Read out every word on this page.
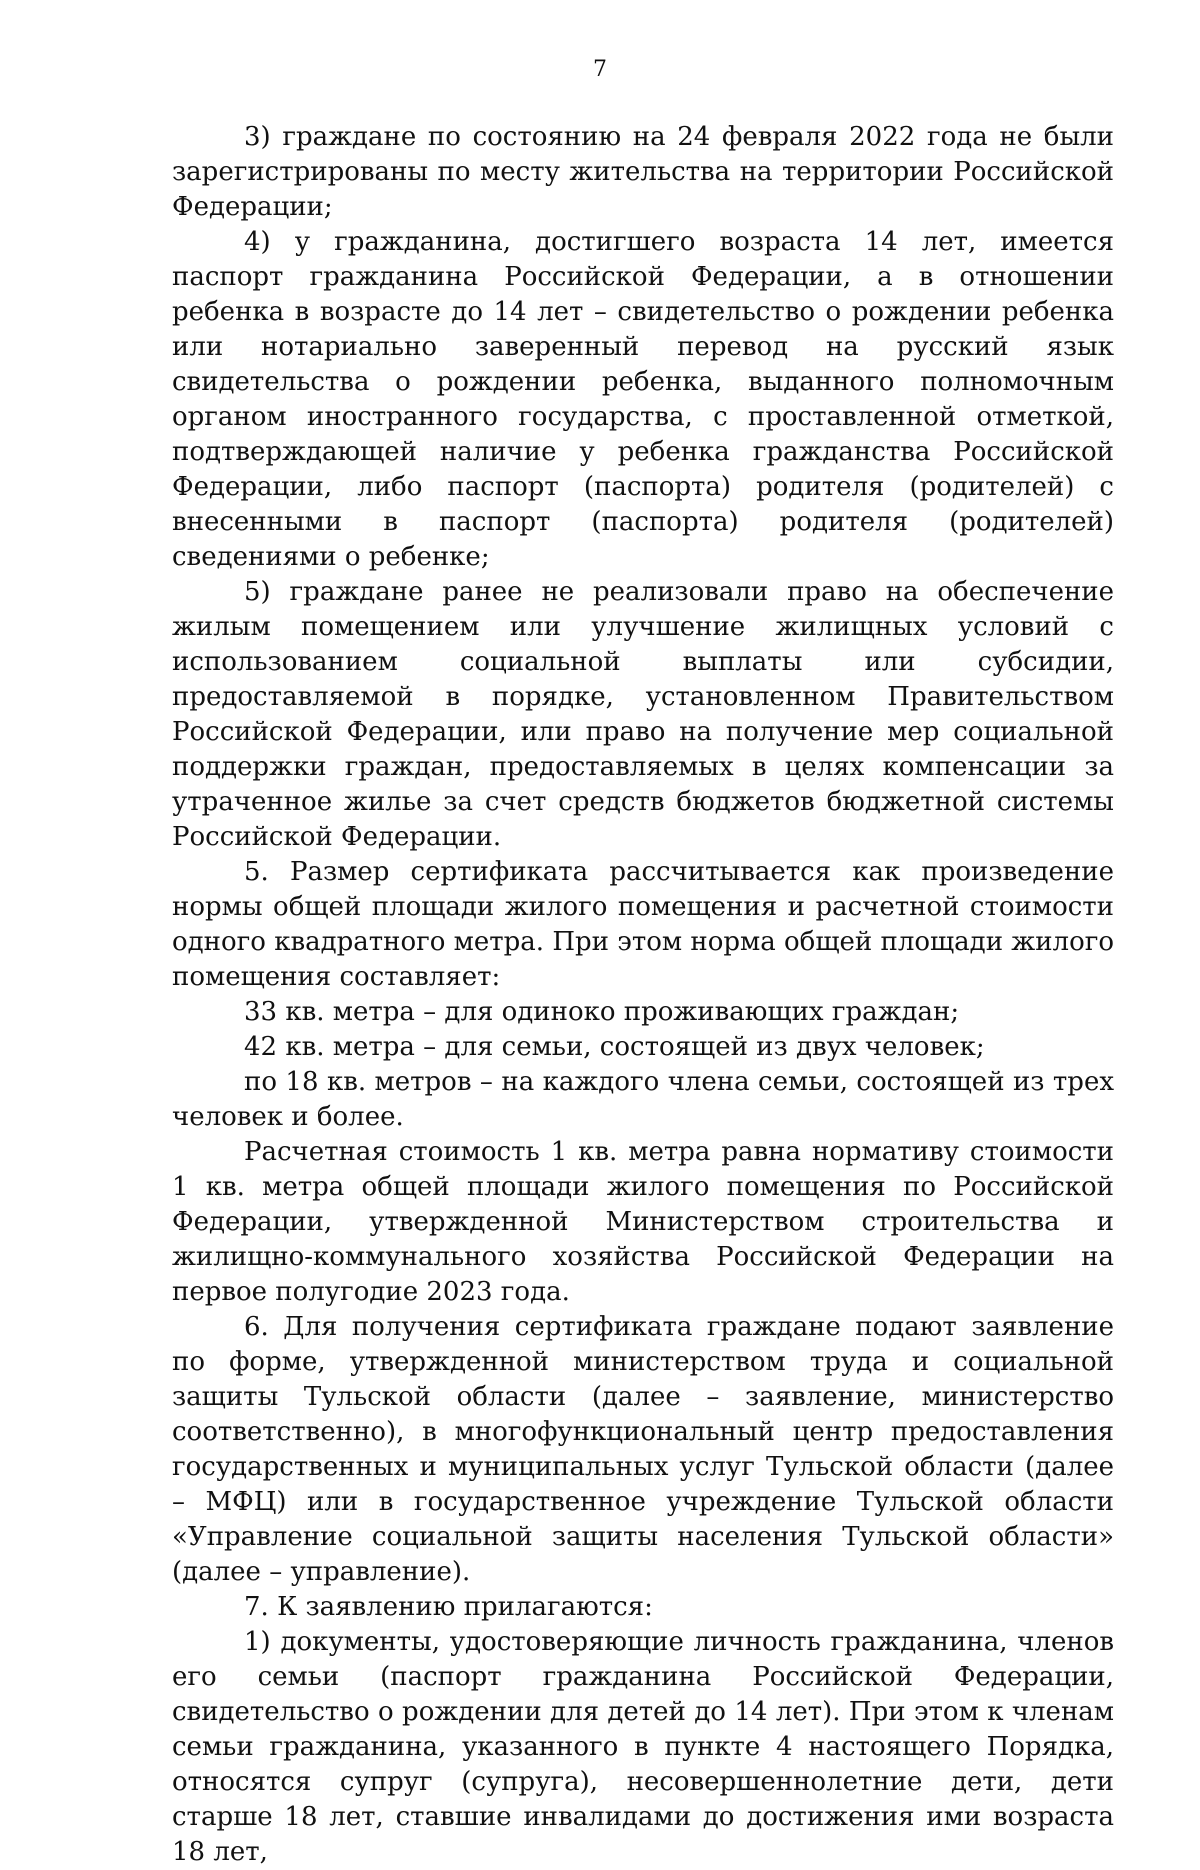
7

3) граждане по состоянию на 24 февраля 2022 года не были зарегистрированы по месту жительства на территории Российской Федерации;

4) у гражданина, достигшего возраста 14 лет, имеется паспорт гражданина Российской Федерации, а в отношении ребенка в возрасте до 14 лет – свидетельство о рождении ребенка или нотариально заверенный перевод на русский язык свидетельства о рождении ребенка, выданного полномочным органом иностранного государства, с проставленной отметкой, подтверждающей наличие у ребенка гражданства Российской Федерации, либо паспорт (паспорта) родителя (родителей) с внесенными в паспорт (паспорта) родителя (родителей) сведениями о ребенке;

5) граждане ранее не реализовали право на обеспечение жилым помещением или улучшение жилищных условий с использованием социальной выплаты или субсидии, предоставляемой в порядке, установленном Правительством Российской Федерации, или право на получение мер социальной поддержки граждан, предоставляемых в целях компенсации за утраченное жилье за счет средств бюджетов бюджетной системы Российской Федерации.

5. Размер сертификата рассчитывается как произведение нормы общей площади жилого помещения и расчетной стоимости одного квадратного метра. При этом норма общей площади жилого помещения составляет:

33 кв. метра – для одиноко проживающих граждан;

42 кв. метра – для семьи, состоящей из двух человек;

по 18 кв. метров – на каждого члена семьи, состоящей из трех человек и более.

Расчетная стоимость 1 кв. метра равна нормативу стоимости 1 кв. метра общей площади жилого помещения по Российской Федерации, утвержденной Министерством строительства и жилищно-коммунального хозяйства Российской Федерации на первое полугодие 2023 года.

6. Для получения сертификата граждане подают заявление по форме, утвержденной министерством труда и социальной защиты Тульской области (далее – заявление, министерство соответственно), в многофункциональный центр предоставления государственных и муниципальных услуг Тульской области (далее – МФЦ) или в государственное учреждение Тульской области «Управление социальной защиты населения Тульской области» (далее – управление).

7. К заявлению прилагаются:

1) документы, удостоверяющие личность гражданина, членов его семьи (паспорт гражданина Российской Федерации, свидетельство о рождении для детей до 14 лет). При этом к членам семьи гражданина, указанного в пункте 4 настоящего Порядка, относятся супруг (супруга), несовершеннолетние дети, дети старше 18 лет, ставшие инвалидами до достижения ими возраста 18 лет,
